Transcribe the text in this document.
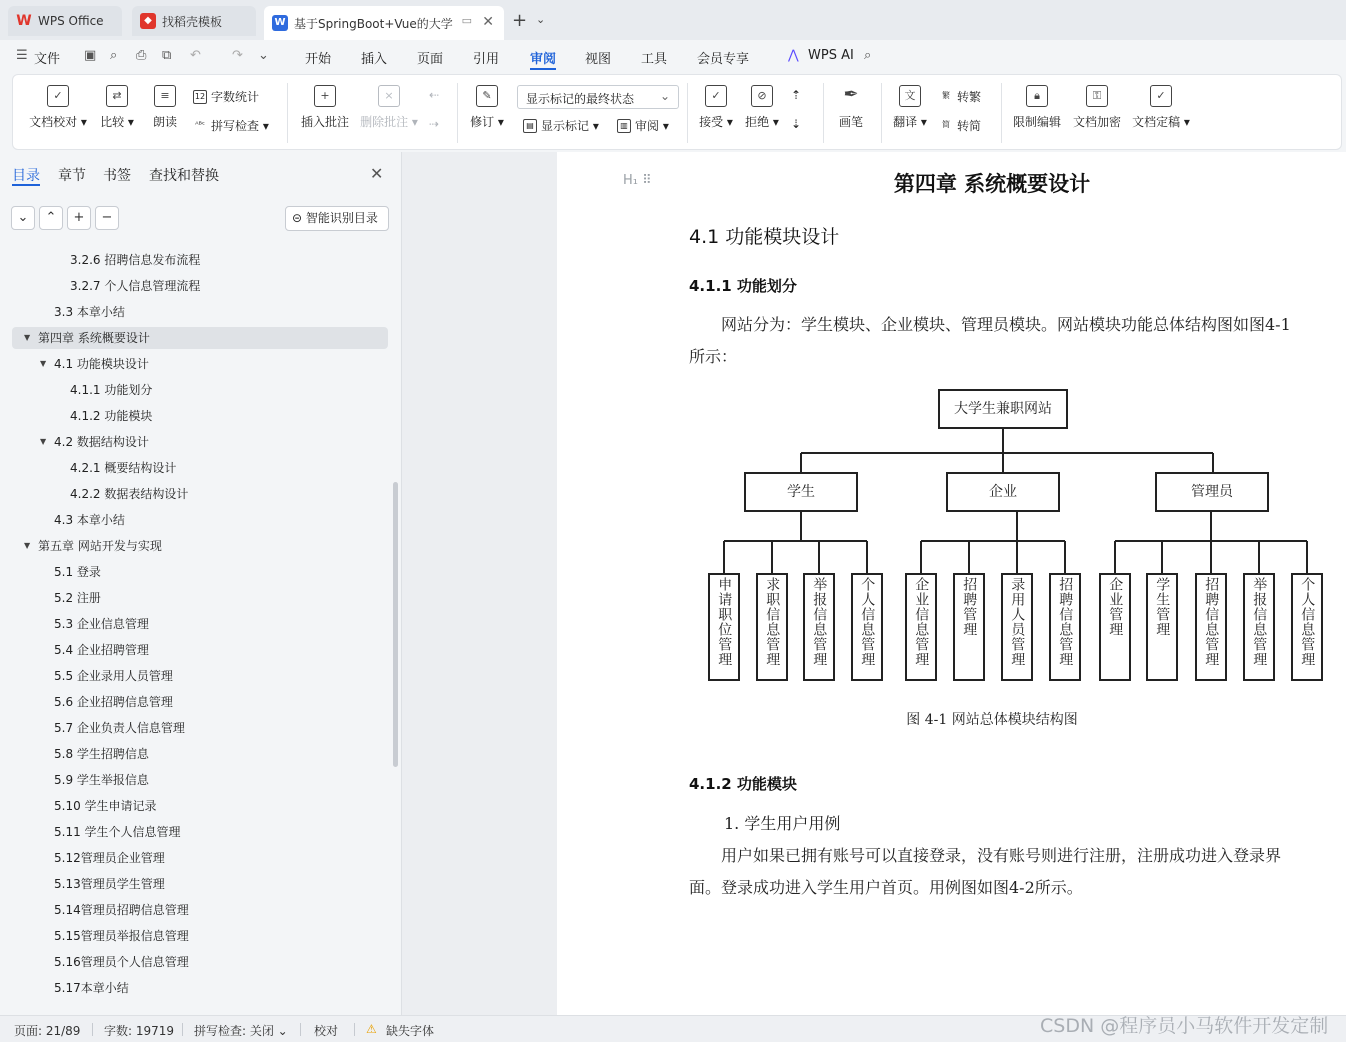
W WPS Office	◆ 找稻壳模板	W 基于SpringBoot+Vue的大学 ▭ ✕ + ⌄
☰ 文件 ▣ ⌕ ⎙ ⧉ ↶ ↷ ⌄	开始 插入 页面 引用 审阅 视图 工具 会员专享	⋀ WPS AI ⌕
✓
文档校对 ▾
⇄
比较 ▾
≡
朗读
12 字数统计
ᴬᴮᶜ 拼写检查 ▾
+
插入批注
×
删除批注 ▾
⇠
⇢
✎
修订 ▾
显示标记的最终状态 ⌄
▤ 显示标记 ▾	▥ 审阅 ▾
✓
接受 ▾
⊘
拒绝 ▾
⇡
⇣
✒
画笔
文
翻译 ▾
繁 转繁
简 转简
🔒︎
限制编辑
⚿
文档加密
✓
文档定稿 ▾
目录 章节 书签 查找和替换	✕
⌄	⌃	+	−	⊝ 智能识别目录
3.2.6 招聘信息发布流程
3.2.7 个人信息管理流程
3.3 本章小结
▼ 第四章 系统概要设计
▼ 4.1 功能模块设计
4.1.1 功能划分
4.1.2 功能模块
▼ 4.2 数据结构设计
4.2.1 概要结构设计
4.2.2 数据表结构设计
4.3 本章小结
▼ 第五章 网站开发与实现
5.1 登录
5.2 注册
5.3 企业信息管理
5.4 企业招聘管理
5.5 企业录用人员管理
5.6 企业招聘信息管理
5.7 企业负责人信息管理
5.8 学生招聘信息
5.9 学生举报信息
5.10 学生申请记录
5.11 学生个人信息管理
5.12管理员企业管理
5.13管理员学生管理
5.14管理员招聘信息管理
5.15管理员举报信息管理
5.16管理员个人信息管理
5.17本章小结
H₁ ⠿	第四章 系统概要设计
4.1 功能模块设计
4.1.1 功能划分
网站分为：学生模块、企业模块、管理员模块。网站模块功能总体结构图如图4-1所示：
大学生兼职网站
学生	企业	管理员
申请职位管理	求职信息管理	举报信息管理	个人信息管理	企业信息管理	招聘管理	录用人员管理	招聘信息管理	企业管理	学生管理	招聘信息管理	举报信息管理	个人信息管理
图 4-1 网站总体模块结构图
4.1.2 功能模块
1. 学生用户用例
用户如果已拥有账号可以直接登录，没有账号则进行注册，注册成功进入登录界面。登录成功进入学生用户首页。用例图如图4-2所示。
页面: 21/89 字数: 19719 拼写检查: 关闭 ⌄ 校对 ⚠ 缺失字体	CSDN @程序员小马软件开发定制
